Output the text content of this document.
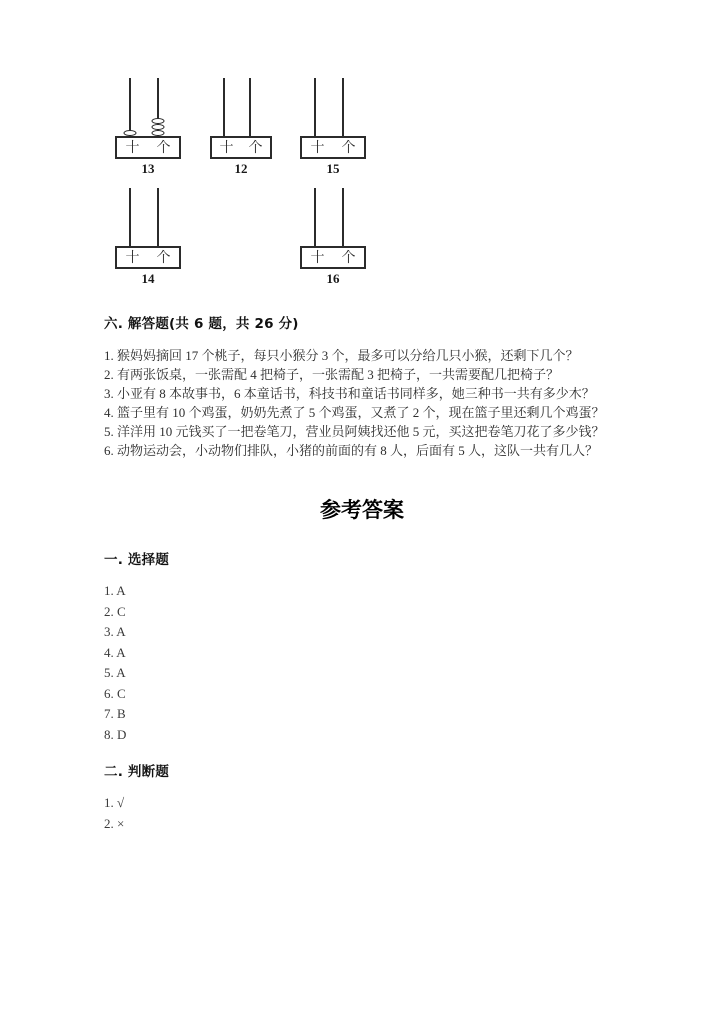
十 个
13
十 个
12
十 个
15
十 个
14
十 个
16
六. 解答题(共 6 题，共 26 分)

1. 猴妈妈摘回 17 个桃子，每只小猴分 3 个，最多可以分给几只小猴，还剩下几个？

2. 有两张饭桌，一张需配 4 把椅子，一张需配 3 把椅子，一共需要配几把椅子？

3. 小亚有 8 本故事书，6 本童话书，科技书和童话书同样多，她三种书一共有多少木？

4. 篮子里有 10 个鸡蛋，奶奶先煮了 5 个鸡蛋，又煮了 2 个，现在篮子里还剩几个鸡蛋？

5. 洋洋用 10 元钱买了一把卷笔刀，营业员阿姨找还他 5 元，买这把卷笔刀花了多少钱？

6. 动物运动会，小动物们排队，小猪的前面的有 8 人，后面有 5 人，这队一共有几人？

参考答案
一. 选择题
1. A
2. C
3. A
4. A
5. A
6. C
7. B
8. D
二. 判断题
1. √
2. ×
